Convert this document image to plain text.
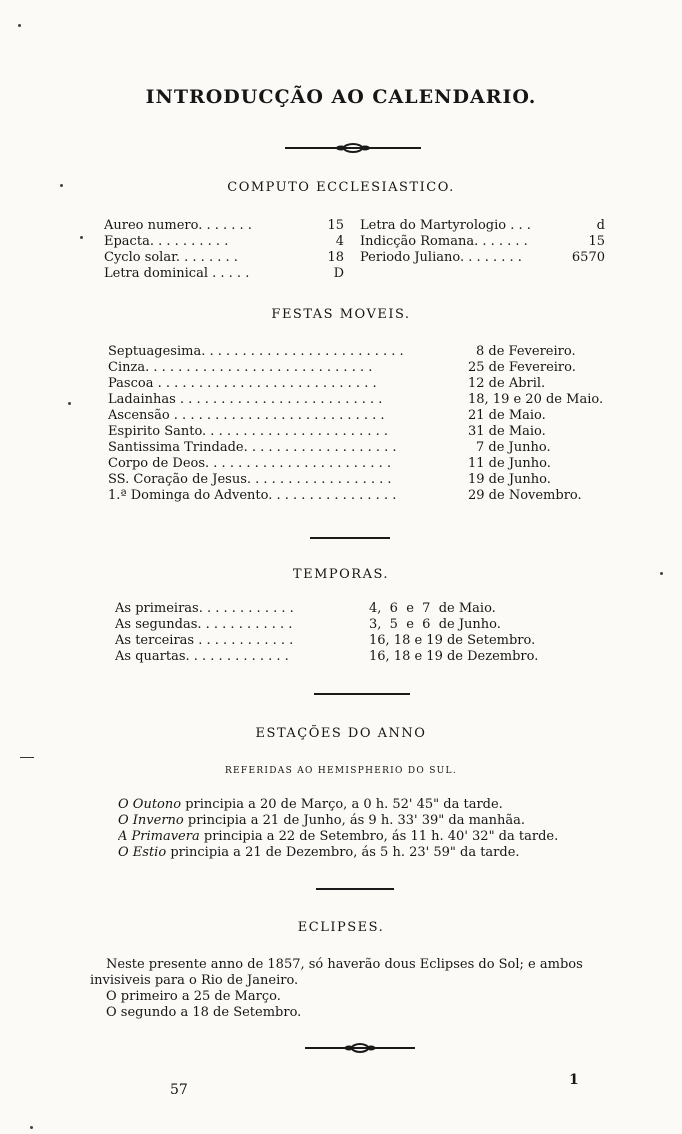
INTRODUCÇÃO AO CALENDARIO.
COMPUTO ECCLESIASTICO.
Aureo numero. . . . . . .	15
Epacta. . . . . . . . . .	4
Cyclo solar. . . . . . . .	18
Letra dominical . . . . .	D
Letra do Martyrologio . . .	d
Indicção Romana. . . . . . .	15
Periodo Juliano. . . . . . . .	6570
FESTAS MOVEIS.
Septuagesima. . . . . . . . . . . . . . . . . . . . . . . . .	8 de Fevereiro.
Cinza. . . . . . . . . . . . . . . . . . . . . . . . . . . .	25 de Fevereiro.
Pascoa . . . . . . . . . . . . . . . . . . . . . . . . . . .	12 de Abril.
Ladainhas . . . . . . . . . . . . . . . . . . . . . . . . .	18, 19 e 20 de Maio.
Ascensão . . . . . . . . . . . . . . . . . . . . . . . . . .	21 de Maio.
Espirito Santo. . . . . . . . . . . . . . . . . . . . . . .	31 de Maio.
Santissima Trindade. . . . . . . . . . . . . . . . . . .	7 de Junho.
Corpo de Deos. . . . . . . . . . . . . . . . . . . . . . .	11 de Junho.
SS. Coração de Jesus. . . . . . . . . . . . . . . . . .	19 de Junho.
1.ª Dominga do Advento. . . . . . . . . . . . . . . .	29 de Novembro.
TEMPORAS.
As primeiras. . . . . . . . . . . .	4,  6  e  7  de Maio.
As segundas. . . . . . . . . . . .	3,  5  e  6  de Junho.
As terceiras . . . . . . . . . . . .	16, 18 e 19 de Setembro.
As quartas. . . . . . . . . . . . .	16, 18 e 19 de Dezembro.
ESTAÇÕES DO ANNO
REFERIDAS AO HEMISPHERIO DO SUL.
O Outono principia a 20 de Março, a 0 h. 52' 45" da tarde.
O Inverno principia a 21 de Junho, ás 9 h. 33' 39" da manhãa.
A Primavera principia a 22 de Setembro, ás 11 h. 40' 32" da tarde.
O Estio principia a 21 de Dezembro, ás 5 h. 23' 59" da tarde.
ECLIPSES.
Neste presente anno de 1857, só haverão dous Eclipses do Sol; e ambos
invisiveis para o Rio de Janeiro.
O primeiro a 25 de Março.
O segundo a 18 de Setembro.
57
1
